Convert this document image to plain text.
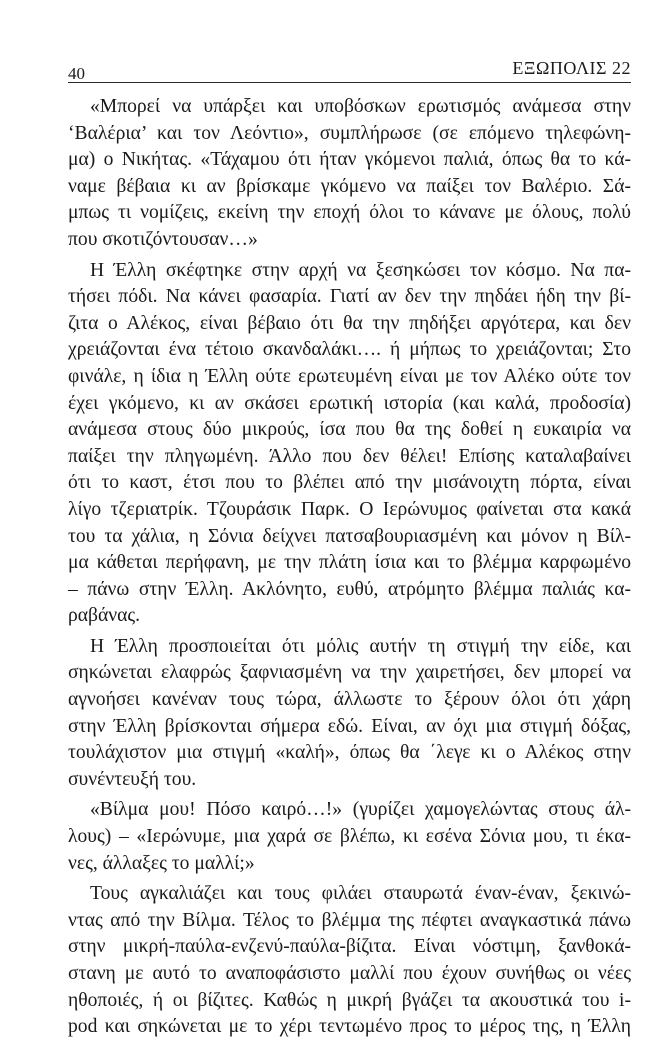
40	ΕΞΩΠΟΛΙΣ 22
«Μπορεί να υπάρξει και υποβόσκων ερωτισμός ανάμεσα στην
‘Βαλέρια’ και τον Λεόντιο», συμπλήρωσε (σε επόμενο τηλεφώνη-
μα) ο Νικήτας. «Τάχαμου ότι ήταν γκόμενοι παλιά, όπως θα το κά-
ναμε βέβαια κι αν βρίσκαμε γκόμενο να παίξει τον Βαλέριο. Σά-
μπως τι νομίζεις, εκείνη την εποχή όλοι το κάνανε με όλους, πολύ
που σκοτιζόντουσαν…»
Η Έλλη σκέφτηκε στην αρχή να ξεσηκώσει τον κόσμο. Να πα-
τήσει πόδι. Να κάνει φασαρία. Γιατί αν δεν την πηδάει ήδη την βί-
ζιτα ο Αλέκος, είναι βέβαιο ότι θα την πηδήξει αργότερα, και δεν
χρειάζονται ένα τέτοιο σκανδαλάκι…. ή μήπως το χρειάζονται; Στο
φινάλε, η ίδια η Έλλη ούτε ερωτευμένη είναι με τον Αλέκο ούτε τον
έχει γκόμενο, κι αν σκάσει ερωτική ιστορία (και καλά, προδοσία)
ανάμεσα στους δύο μικρούς, ίσα που θα της δοθεί η ευκαιρία να
παίξει την πληγωμένη. Άλλο που δεν θέλει! Επίσης καταλαβαίνει
ότι το καστ, έτσι που το βλέπει από την μισάνοιχτη πόρτα, είναι
λίγο τζεριατρίκ. Τζουράσικ Παρκ. Ο Ιερώνυμος φαίνεται στα κακά
του τα χάλια, η Σόνια δείχνει πατσαβουριασμένη και μόνον η Βίλ-
μα κάθεται περήφανη, με την πλάτη ίσια και το βλέμμα καρφωμένο
– πάνω στην Έλλη. Ακλόνητο, ευθύ, ατρόμητο βλέμμα παλιάς κα-
ραβάνας.
Η Έλλη προσποιείται ότι μόλις αυτήν τη στιγμή την είδε, και
σηκώνεται ελαφρώς ξαφνιασμένη να την χαιρετήσει, δεν μπορεί να
αγνοήσει κανέναν τους τώρα, άλλωστε το ξέρουν όλοι ότι χάρη
στην Έλλη βρίσκονται σήμερα εδώ. Είναι, αν όχι μια στιγμή δόξας,
τουλάχιστον μια στιγμή «καλή», όπως θα ΄λεγε κι ο Αλέκος στην
συνέντευξή του.
«Βίλμα μου! Πόσο καιρό…!» (γυρίζει χαμογελώντας στους άλ-
λους) – «Ιερώνυμε, μια χαρά σε βλέπω, κι εσένα Σόνια μου, τι έκα-
νες, άλλαξες το μαλλί;»
Τους αγκαλιάζει και τους φιλάει σταυρωτά έναν-έναν, ξεκινώ-
ντας από την Βίλμα. Τέλος το βλέμμα της πέφτει αναγκαστικά πάνω
στην μικρή-παύλα-ενζενύ-παύλα-βίζιτα. Είναι νόστιμη, ξανθοκά-
στανη με αυτό το αναποφάσιστο μαλλί που έχουν συνήθως οι νέες
ηθοποιές, ή οι βίζιτες. Καθώς η μικρή βγάζει τα ακουστικά του i-
pod και σηκώνεται με το χέρι τεντωμένο προς το μέρος της, η Έλλη
